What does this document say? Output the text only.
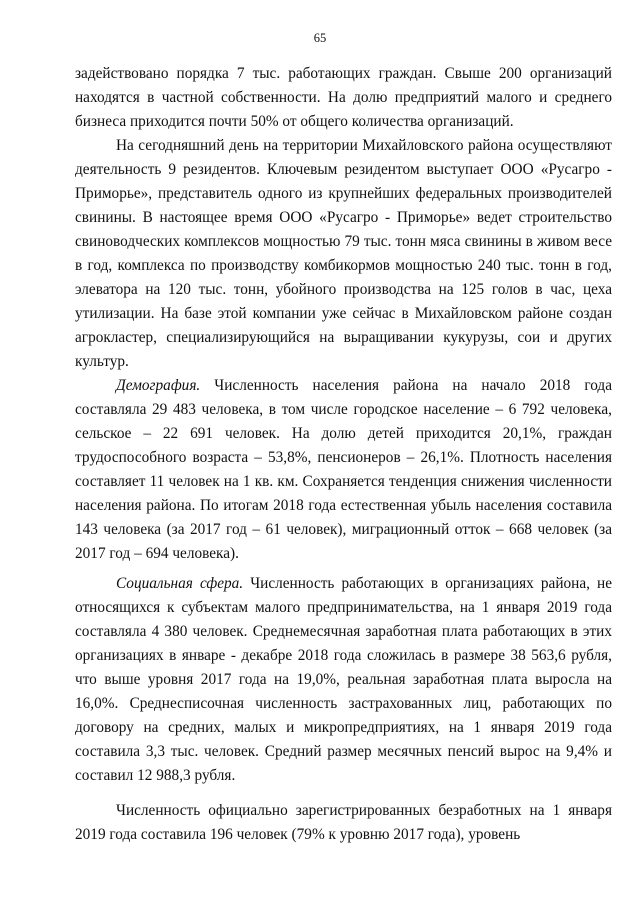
65

задействовано порядка 7 тыс. работающих граждан. Свыше 200 организаций находятся в частной собственности. На долю предприятий малого и среднего бизнеса приходится почти 50% от общего количества организаций.

На сегодняшний день на территории Михайловского района осуществляют деятельность 9 резидентов. Ключевым резидентом выступает ООО «Русагро - Приморье», представитель одного из крупнейших федеральных производителей свинины. В настоящее время ООО «Русагро - Приморье» ведет строительство свиноводческих комплексов мощностью 79 тыс. тонн мяса свинины в живом весе в год, комплекса по производству комбикормов мощностью 240 тыс. тонн в год, элеватора на 120 тыс. тонн, убойного производства на 125 голов в час, цеха утилизации. На базе этой компании уже сейчас в Михайловском районе создан агрокластер, специализирующийся на выращивании кукурузы, сои и других культур.

Демография. Численность населения района на начало 2018 года составляла 29 483 человека, в том числе городское население – 6 792 человека, сельское – 22 691 человек. На долю детей приходится 20,1%, граждан трудоспособного возраста – 53,8%, пенсионеров – 26,1%. Плотность населения составляет 11 человек на 1 кв. км. Сохраняется тенденция снижения численности населения района. По итогам 2018 года естественная убыль населения составила 143 человека (за 2017 год – 61 человек), миграционный отток – 668 человек (за 2017 год – 694 человека).

Социальная сфера. Численность работающих в организациях района, не относящихся к субъектам малого предпринимательства, на 1 января 2019 года составляла 4 380 человек. Среднемесячная заработная плата работающих в этих организациях в январе - декабре 2018 года сложилась в размере 38 563,6 рубля, что выше уровня 2017 года на 19,0%, реальная заработная плата выросла на 16,0%. Среднесписочная численность застрахованных лиц, работающих по договору на средних, малых и микропредприятиях, на 1 января 2019 года составила 3,3 тыс. человек. Средний размер месячных пенсий вырос на 9,4% и составил 12 988,3 рубля.

Численность официально зарегистрированных безработных на 1 января 2019 года составила 196 человек (79% к уровню 2017 года), уровень
